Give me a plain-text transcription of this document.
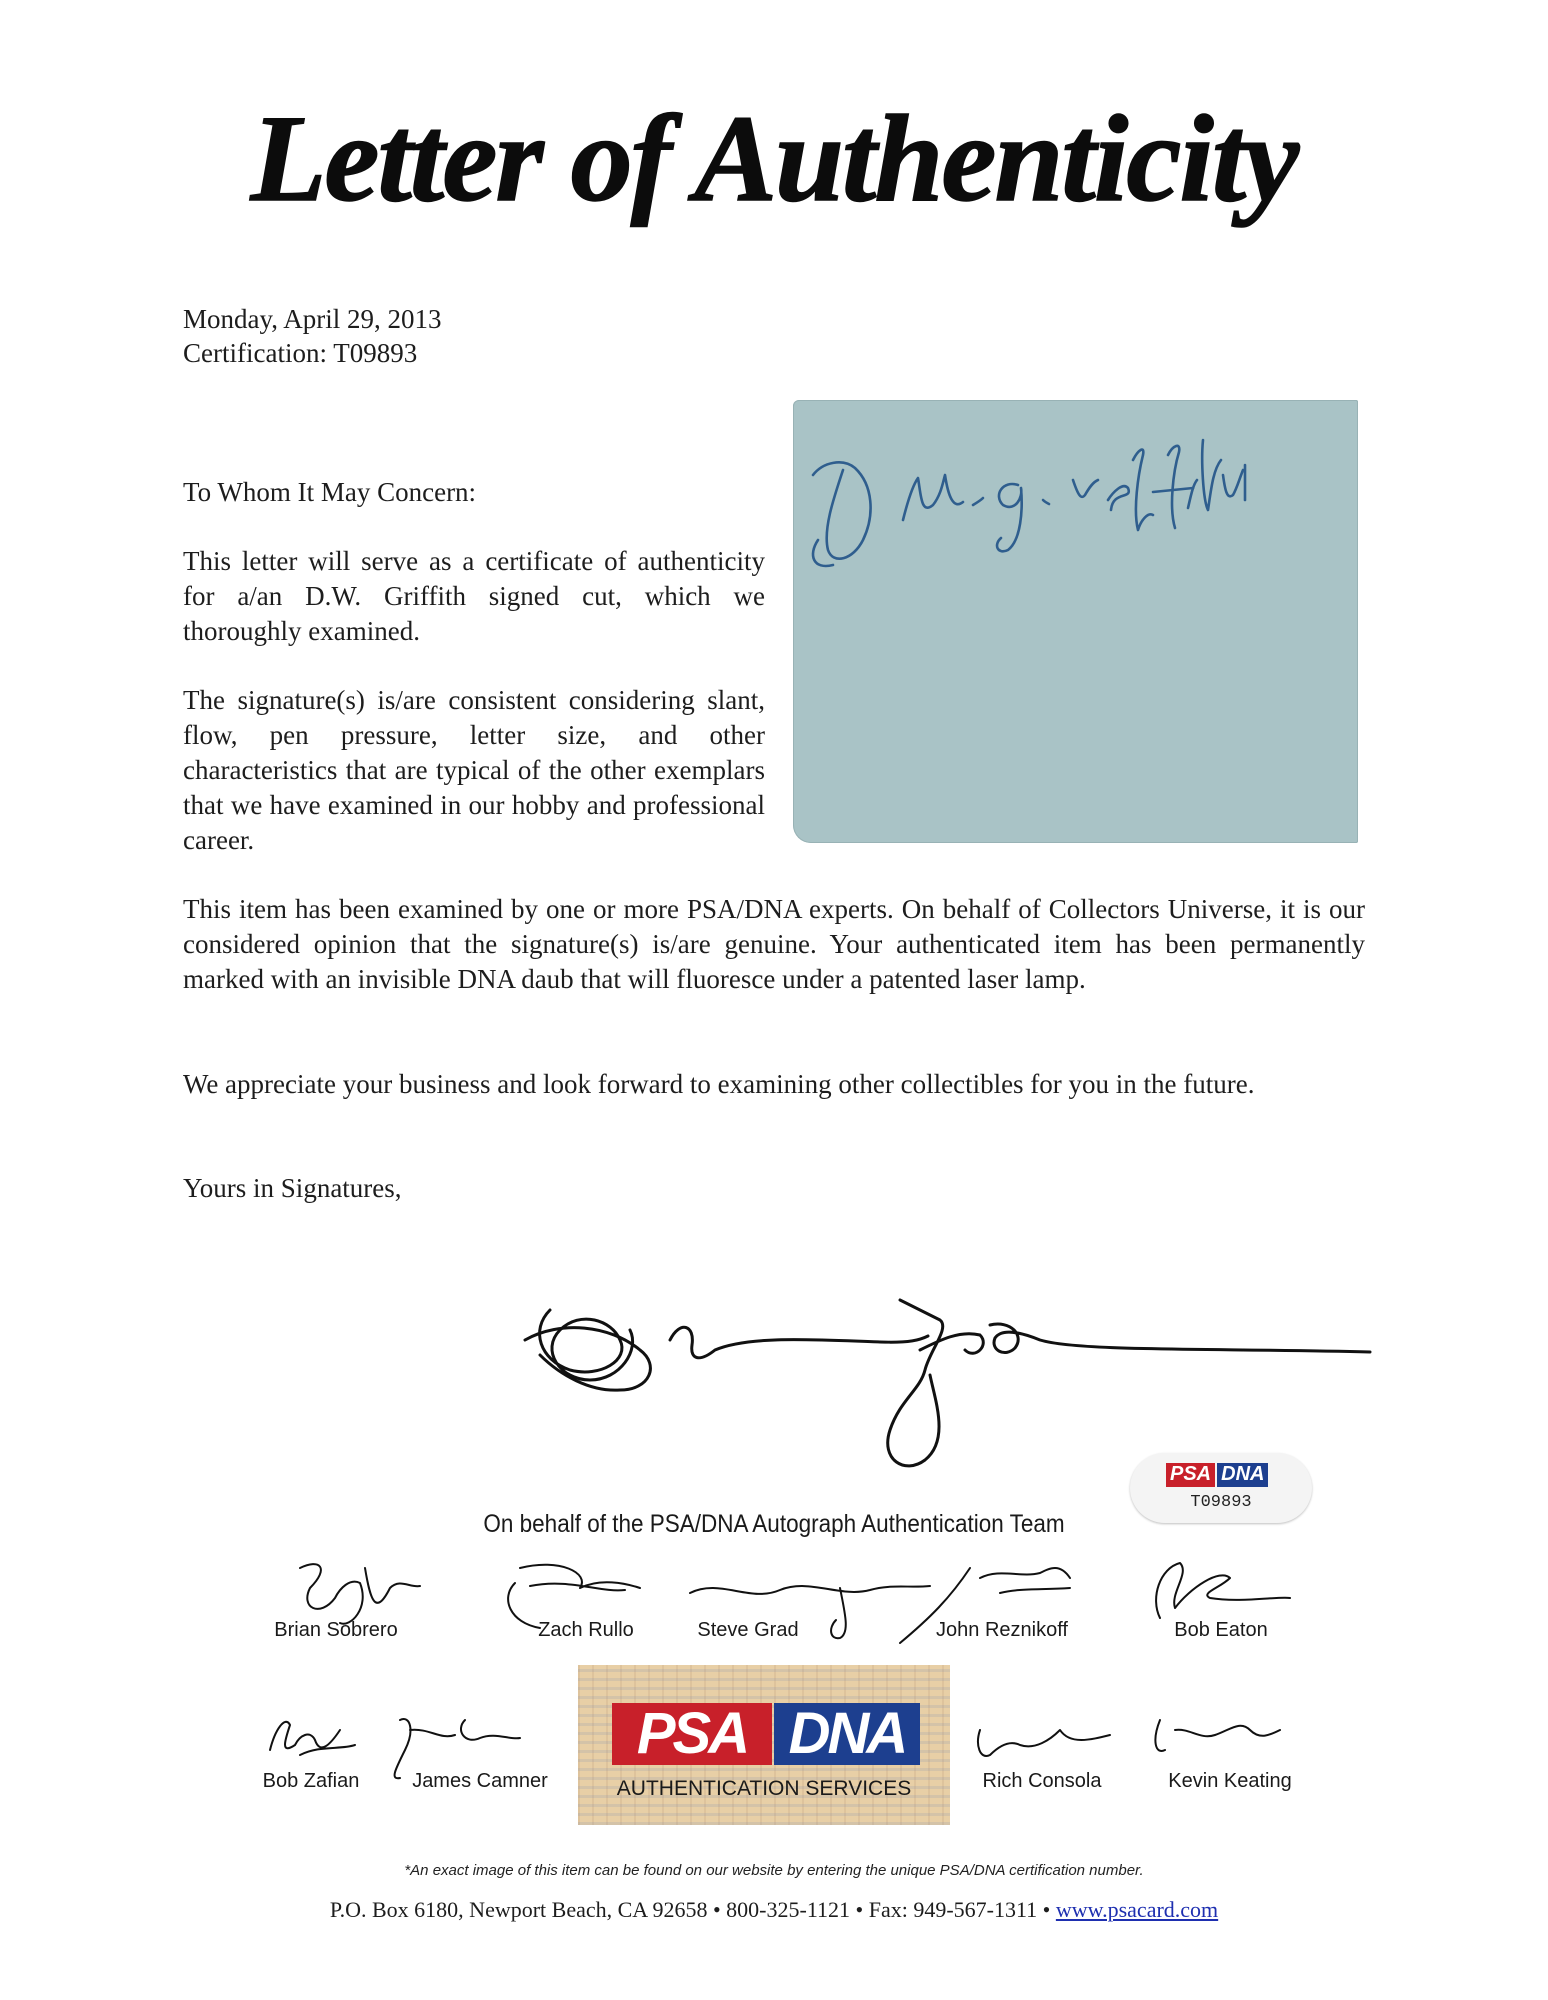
Letter of Authenticity
Monday, April 29, 2013
Certification: T09893
To Whom It May Concern:
This letter will serve as a certificate of authenticity for a/an D.W. Griffith signed cut, which we thoroughly examined.
The signature(s) is/are consistent considering slant, flow, pen pressure, letter size, and other characteristics that are typical of the other exemplars that we have examined in our hobby and professional career.
This item has been examined by one or more PSA/DNA experts. On behalf of Collectors Universe, it is our considered opinion that the signature(s) is/are genuine. Your authenticated item has been permanently marked with an invisible DNA daub that will fluoresce under a patented laser lamp.
We appreciate your business and look forward to examining other collectibles for you in the future.
Yours in Signatures,
PSA DNA
T09893
On behalf of the PSA/DNA Autograph Authentication Team
Brian Sobrero	Zach Rullo	Steve Grad	John Reznikoff	Bob Eaton
PSA DNA
AUTHENTICATION SERVICES
Bob Zafian	James Camner	Rich Consola	Kevin Keating
*An exact image of this item can be found on our website by entering the unique PSA/DNA certification number.
P.O. Box 6180, Newport Beach, CA 92658 • 800-325-1121 • Fax: 949-567-1311 • www.psacard.com
